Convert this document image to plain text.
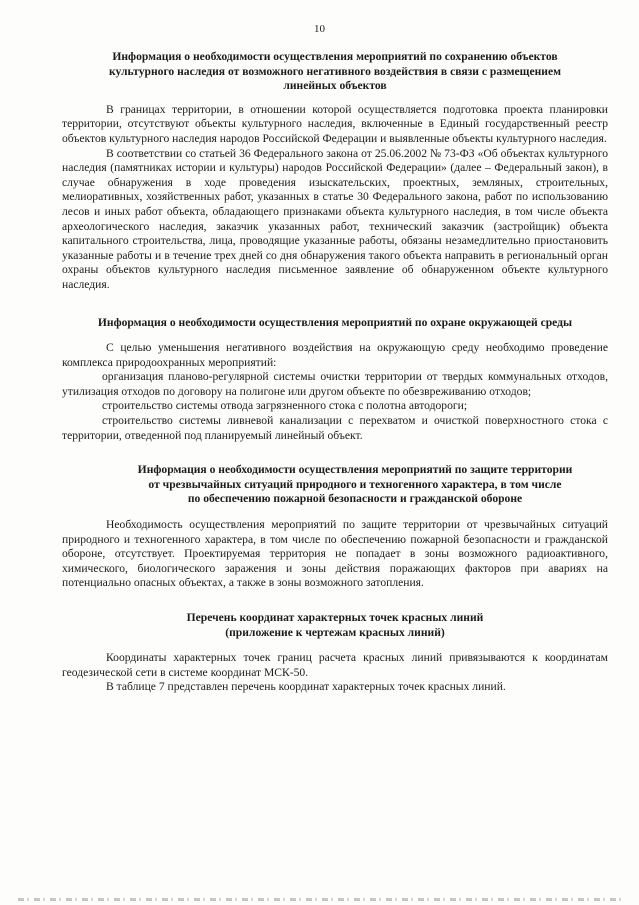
10
Информация о необходимости осуществления мероприятий по сохранению объектов
культурного наследия от возможного негативного воздействия в связи с размещением
линейных объектов

В границах территории, в отношении которой осуществляется подготовка проекта планировки территории, отсутствуют объекты культурного наследия, включенные в Единый государственный реестр объектов культурного наследия народов Российской Федерации и выявленные объекты культурного наследия.

В соответствии со статьей 36 Федерального закона от 25.06.2002 № 73-ФЗ «Об объектах культурного наследия (памятниках истории и культуры) народов Российской Федерации» (далее – Федеральный закон), в случае обнаружения в ходе проведения изыскательских, проектных, земляных, строительных, мелиоративных, хозяйственных работ, указанных в статье 30 Федерального закона, работ по использованию лесов и иных работ объекта, обладающего признаками объекта культурного наследия, в том числе объекта археологического наследия, заказчик указанных работ, технический заказчик (застройщик) объекта капитального строительства, лица, проводящие указанные работы, обязаны незамедлительно приостановить указанные работы и в течение трех дней со дня обнаружения такого объекта направить в региональный орган охраны объектов культурного наследия письменное заявление об обнаруженном объекте культурного наследия.

Информация о необходимости осуществления мероприятий по охране окружающей среды

С целью уменьшения негативного воздействия на окружающую среду необходимо проведение комплекса природоохранных мероприятий:

организация планово-регулярной системы очистки территории от твердых коммунальных отходов, утилизация отходов по договору на полигоне или другом объекте по обезвреживанию отходов;

строительство системы отвода загрязненного стока с полотна автодороги;

строительство системы ливневой канализации с перехватом и очисткой поверхностного стока с территории, отведенной под планируемый линейный объект.

Информация о необходимости осуществления мероприятий по защите территории
от чрезвычайных ситуаций природного и техногенного характера, в том числе
по обеспечению пожарной безопасности и гражданской обороне

Необходимость осуществления мероприятий по защите территории от чрезвычайных ситуаций природного и техногенного характера, в том числе по обеспечению пожарной безопасности и гражданской обороне, отсутствует. Проектируемая территория не попадает в зоны возможного радиоактивного, химического, биологического заражения и зоны действия поражающих факторов при авариях на потенциально опасных объектах, а также в зоны возможного затопления.

Перечень координат характерных точек красных линий
(приложение к чертежам красных линий)

Координаты характерных точек границ расчета красных линий привязываются к координатам геодезической сети в системе координат МСК-50.

В таблице 7 представлен перечень координат характерных точек красных линий.
